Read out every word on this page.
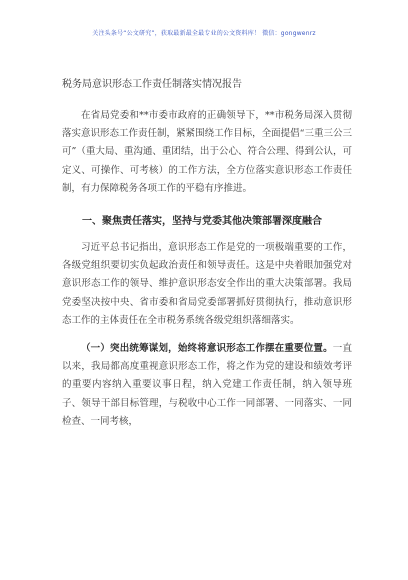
关注头条号“公文研究”，获取最新最全最专业的公文资料库！ 微信：gongwenrz
税务局意识形态工作责任制落实情况报告

在省局党委和**市委市政府的正确领导下，**市税务局深入贯彻落实意识形态工作责任制，紧紧围绕工作目标，全面提倡“三重三公三可”（重大局、重沟通、重团结，出于公心、符合公理、得到公认，可定义、可操作、可考核）的工作方法，全方位落实意识形态工作责任制，有力保障税务各项工作的平稳有序推进。

一、聚焦责任落实，坚持与党委其他决策部署深度融合

习近平总书记指出，意识形态工作是党的一项极端重要的工作，各级党组织要切实负起政治责任和领导责任。这是中央着眼加强党对意识形态工作的领导、维护意识形态安全作出的重大决策部署。我局党委坚决按中央、省市委和省局党委部署抓好贯彻执行，推动意识形态工作的主体责任在全市税务系统各级党组织落细落实。

（一）突出统筹谋划，始终将意识形态工作摆在重要位置。一直以来，我局都高度重视意识形态工作，将之作为党的建设和绩效考评的重要内容纳入重要议事日程，纳入党建工作责任制，纳入领导班子、领导干部目标管理，与税收中心工作一同部署、一同落实、一同检查、一同考核，
